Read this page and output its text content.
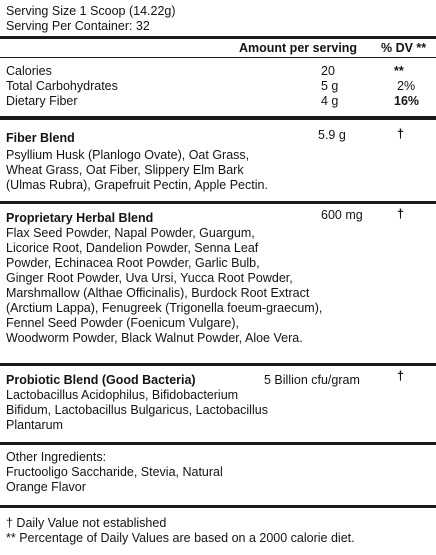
Serving Size 1 Scoop (14.22g)
Serving Per Container: 32
Amount per serving % DV **
Calories	20	**
Total Carbohydrates	5 g	2%
Dietary Fiber	4 g	16%
Fiber Blend	5.9 g	†
Psyllium Husk (Planlogo Ovate), Oat Grass,
Wheat Grass, Oat Fiber, Slippery Elm Bark
(Ulmas Rubra), Grapefruit Pectin, Apple Pectin.
Proprietary Herbal Blend	600 mg	†
Flax Seed Powder, Napal Powder, Guargum,
Licorice Root, Dandelion Powder, Senna Leaf
Powder, Echinacea Root Powder, Garlic Bulb,
Ginger Root Powder, Uva Ursi, Yucca Root Powder,
Marshmallow (Althae Officinalis), Burdock Root Extract
(Arctium Lappa), Fenugreek (Trigonella foeum-graecum),
Fennel Seed Powder (Foenicum Vulgare),
Woodworm Powder, Black Walnut Powder, Aloe Vera.
Probiotic Blend (Good Bacteria)	5 Billion cfu/gram	†
Lactobacillus Acidophilus, Bifidobacterium
Bifidum, Lactobacillus Bulgaricus, Lactobacillus
Plantarum
Other Ingredients:
Fructooligo Saccharide, Stevia, Natural
Orange Flavor
† Daily Value not established
** Percentage of Daily Values are based on a 2000 calorie diet.
